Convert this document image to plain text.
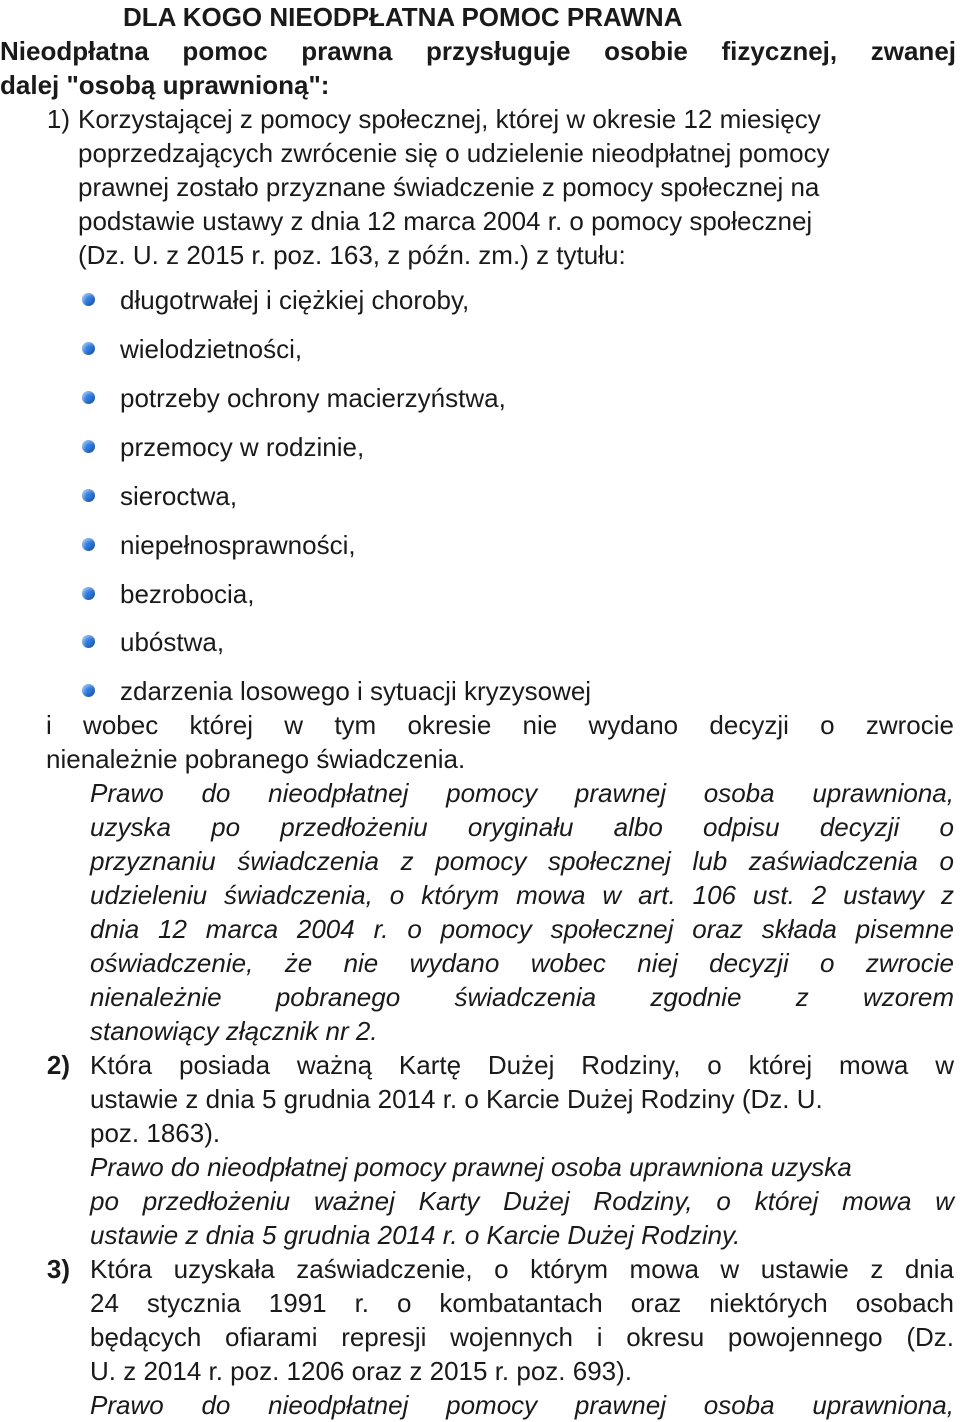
DLA KOGO NIEODPŁATNA POMOC PRAWNA
Nieodpłatna pomoc prawna przysługuje osobie fizycznej, zwanej
dalej "osobą uprawnioną":
1) Korzystającej z pomocy społecznej, której w okresie 12 miesięcy
poprzedzających zwrócenie się o udzielenie nieodpłatnej pomocy
prawnej zostało przyznane świadczenie z pomocy społecznej na
podstawie ustawy z dnia 12 marca 2004 r. o pomocy społecznej
(Dz. U. z 2015 r. poz. 163, z późn. zm.) z tytułu:
długotrwałej i ciężkiej choroby,
wielodzietności,
potrzeby ochrony macierzyństwa,
przemocy w rodzinie,
sieroctwa,
niepełnosprawności,
bezrobocia,
ubóstwa,
zdarzenia losowego i sytuacji kryzysowej
i wobec której w tym okresie nie wydano decyzji o zwrocie
nienależnie pobranego świadczenia.
Prawo do nieodpłatnej pomocy prawnej osoba uprawniona,
uzyska po przedłożeniu oryginału albo odpisu decyzji o
przyznaniu świadczenia z pomocy społecznej lub zaświadczenia o
udzieleniu świadczenia, o którym mowa w art. 106 ust. 2 ustawy z
dnia 12 marca 2004 r. o pomocy społecznej oraz składa pisemne
oświadczenie, że nie wydano wobec niej decyzji o zwrocie
nienależnie pobranego świadczenia zgodnie z wzorem
stanowiący złącznik nr 2.
2) Która posiada ważną Kartę Dużej Rodziny, o której mowa w
ustawie z dnia 5 grudnia 2014 r. o Karcie Dużej Rodziny (Dz. U.
poz. 1863).
Prawo do nieodpłatnej pomocy prawnej osoba uprawniona uzyska
po przedłożeniu ważnej Karty Dużej Rodziny, o której mowa w
ustawie z dnia 5 grudnia 2014 r. o Karcie Dużej Rodziny.
3) Która uzyskała zaświadczenie, o którym mowa w ustawie z dnia
24 stycznia 1991 r. o kombatantach oraz niektórych osobach
będących ofiarami represji wojennych i okresu powojennego (Dz.
U. z 2014 r. poz. 1206 oraz z 2015 r. poz. 693).
Prawo do nieodpłatnej pomocy prawnej osoba uprawniona,
